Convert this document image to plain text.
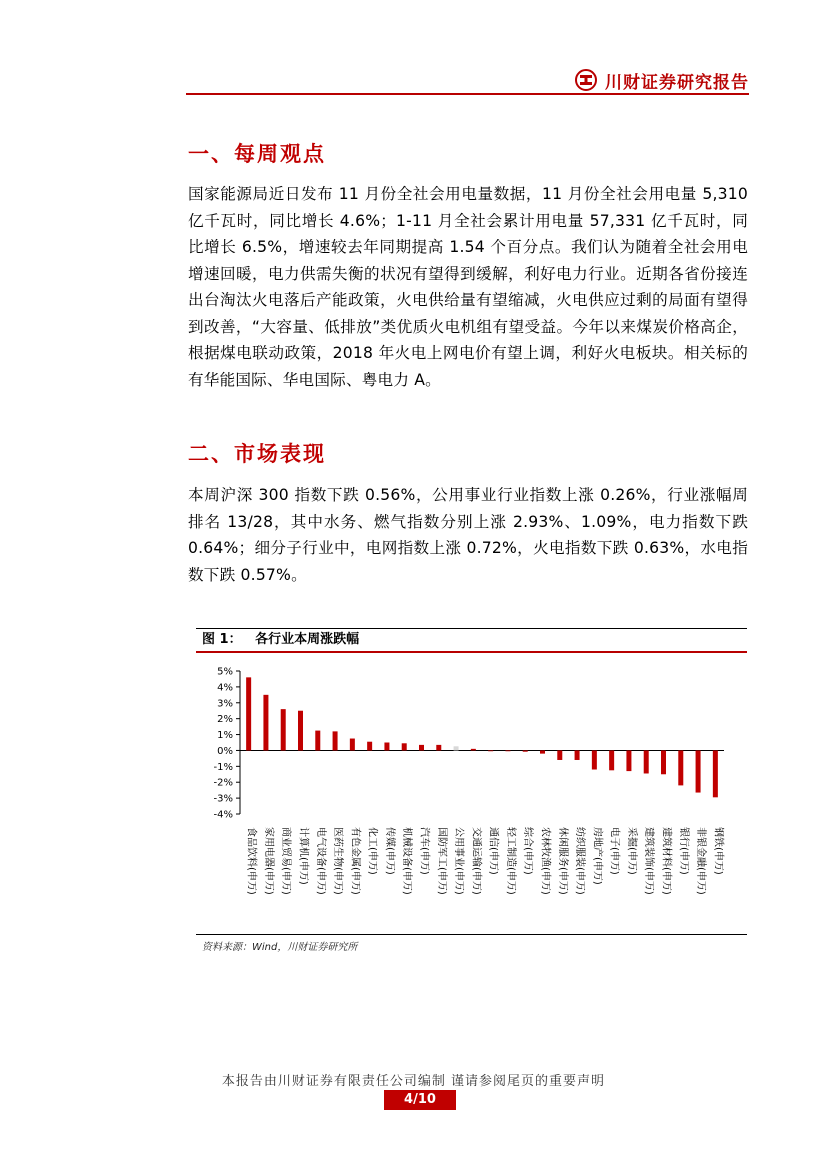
川财证券研究报告
一、每周观点

国家能源局近日发布 11 月份全社会用电量数据，11 月份全社会用电量 5,310 亿千瓦时，同比增长 4.6%；1-11 月全社会累计用电量 57,331 亿千瓦时，同比增长 6.5%，增速较去年同期提高 1.54 个百分点。我们认为随着全社会用电增速回暖，电力供需失衡的状况有望得到缓解，利好电力行业。近期各省份接连出台淘汰火电落后产能政策，火电供给量有望缩减，火电供应过剩的局面有望得到改善，“大容量、低排放”类优质火电机组有望受益。今年以来煤炭价格高企，根据煤电联动政策，2018 年火电上网电价有望上调，利好火电板块。相关标的有华能国际、华电国际、粤电力 A。

二、市场表现

本周沪深 300 指数下跌 0.56%，公用事业行业指数上涨 0.26%，行业涨幅周排名 13/28，其中水务、燃气指数分别上涨 2.93%、1.09%，电力指数下跌 0.64%；细分子行业中，电网指数上涨 0.72%，火电指数下跌 0.63%，水电指数下跌 0.57%。

图 1：   各行业本周涨跌幅
5%
4%
3%
2%
1%
0%
-1%
-2%
-3%
-4%
食品饮料(申万) 家用电器(申万) 商业贸易(申万) 计算机(申万) 电气设备(申万) 医药生物(申万) 有色金属(申万) 化工(申万) 传媒(申万) 机械设备(申万) 汽车(申万) 国防军工(申万) 公用事业(申万) 交通运输(申万) 通信(申万) 轻工制造(申万) 综合(申万) 农林牧渔(申万) 休闲服务(申万) 纺织服装(申万) 房地产(申万) 电子(申万) 采掘(申万) 建筑装饰(申万) 建筑材料(申万) 银行(申万) 非银金融(申万) 钢铁(申万)
资料来源：Wind，川财证券研究所
本报告由川财证券有限责任公司编制 谨请参阅尾页的重要声明
4/10
